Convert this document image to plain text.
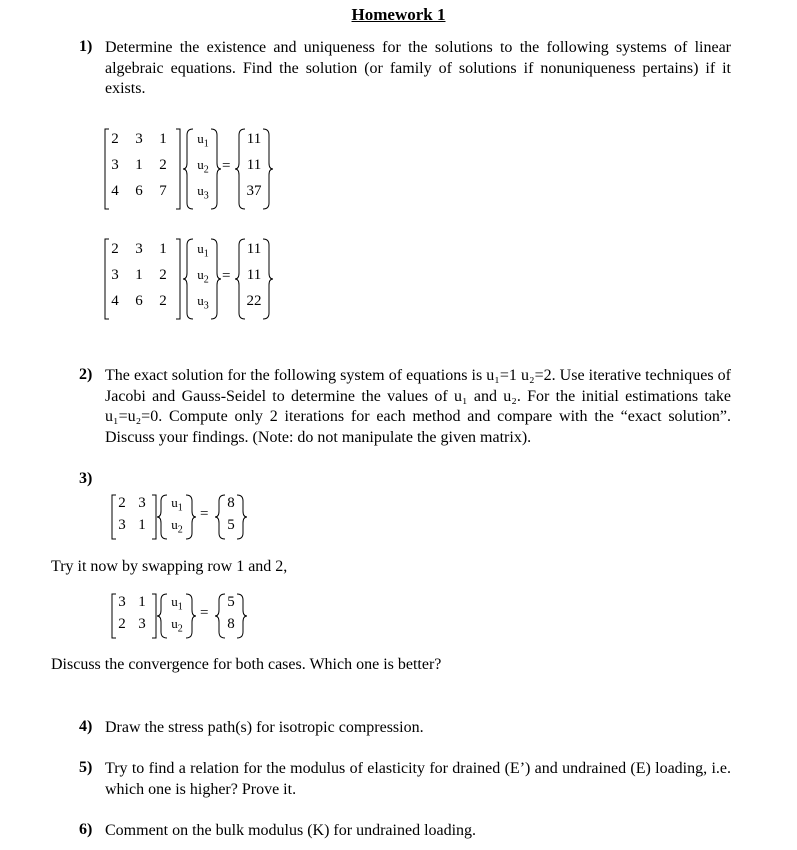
Homework 1
1) Determine the existence and uniqueness for the solutions to the following systems of linear algebraic equations. Find the solution (or family of solutions if nonuniqueness pertains) if it exists.
2 3 1
3 1 2
4 6 7
$u_1$
$u_2$
$u_3$
=
11
11
37
2 3 1
3 1 2
4 6 2
$u_1$
$u_2$
$u_3$
=
11
11
22
2) The exact solution for the following system of equations is u₁=1 u₂=2. Use iterative techniques of Jacobi and Gauss-Seidel to determine the values of u₁ and u₂. For the initial estimations take u₁=u₂=0. Compute only 2 iterations for each method and compare with the “exact solution”. Discuss your findings. (Note: do not manipulate the given matrix).
3)
2 3
3 1
$u_1$
$u_2$
=
8
5
Try it now by swapping row 1 and 2,
3 1
2 3
$u_1$
$u_2$
=
5
8
Discuss the convergence for both cases. Which one is better?
4) Draw the stress path(s) for isotropic compression.
5) Try to find a relation for the modulus of elasticity for drained (E’) and undrained (E) loading, i.e. which one is higher? Prove it.
6) Comment on the bulk modulus (K) for undrained loading.
